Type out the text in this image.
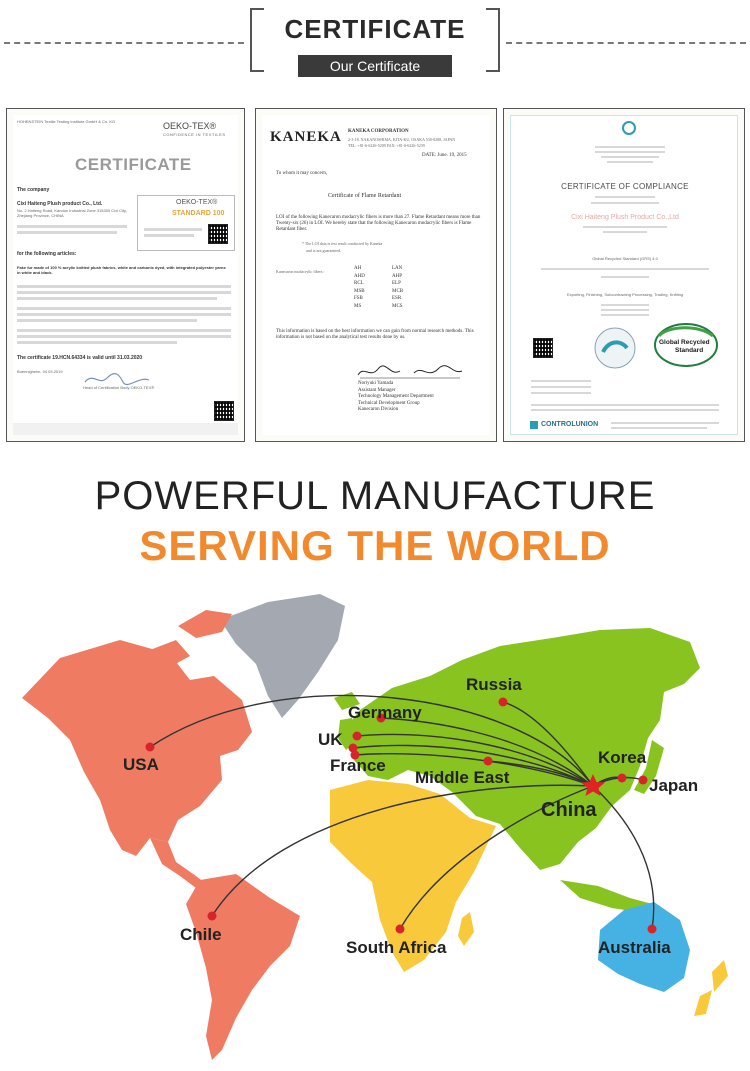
CERTIFICATE
Our Certificate
HOHENSTEIN Textile Testing Institute GmbH & Co. KG	OEKO-TEX®
CONFIDENCE IN TEXTILES
CERTIFICATE
The company
Cixi Haiteng Plush product Co., Ltd.
No. 2 Haiteng Road, Kandun Industrial Zone 315300 Cixi City, Zhejiang Province, CHINA
OEKO-TEX®
STANDARD 100
for the following articles:
Fake fur made of 100 % acrylic knitted plush fabrics, white and carbonic dyed, with integrated polyester yarns in white and black.
The certificate 19.HCN.64334 is valid until 31.03.2020
Boennigheim, 04.03.2019
Head of Certification Body OEKO-TEX®
KANEKA KANEKA CORPORATION
2-3-18, NAKANOSHIMA, KITA-KU, OSAKA 530-8288, JAPAN
TEL: +81-6-6226-5209 FAX: +81-6-6226-5239
DATE: June. 19, 2015
To whom it may concern,
Certificate of Flame Retardant
LOI of the following Kanecaron modacrylic fibers is more than 27. Flame Retardant means more than Twenty-six (26) in LOI. We hereby state that the following Kanecaron modacrylic fibers is Flame Retardant fiber.
* The LOI data is test result conducted by Kaneka
and is not guaranteed.
Kanecaron modacrylic fibers :
AH
AHD
RCL
MSB
FSB
MS
LAN
AHP
ELP
MCB
ESR
MCS
This information is based on the best information we can gain from normal research methods. This information is not based on the analytical test results done by us.
Noriyuki Yamada
Assistant Manager
Technology Management Department
Technical Development Group
Kanecaron Division
CERTIFICATE OF COMPLIANCE
Cixi Haiteng Plush Product Co.,Ltd
Global Recycled Standard (GRS) 4.0
Exporting, Finishing, Subcontracting Processing, Trading, Knitting
Global Recycled
Standard
CONTROLUNION
POWERFUL MANUFACTURE
SERVING THE WORLD
Russia
Germany
UK
France
USA
Middle East
Korea
Japan
China
Chile
South Africa	Australia
